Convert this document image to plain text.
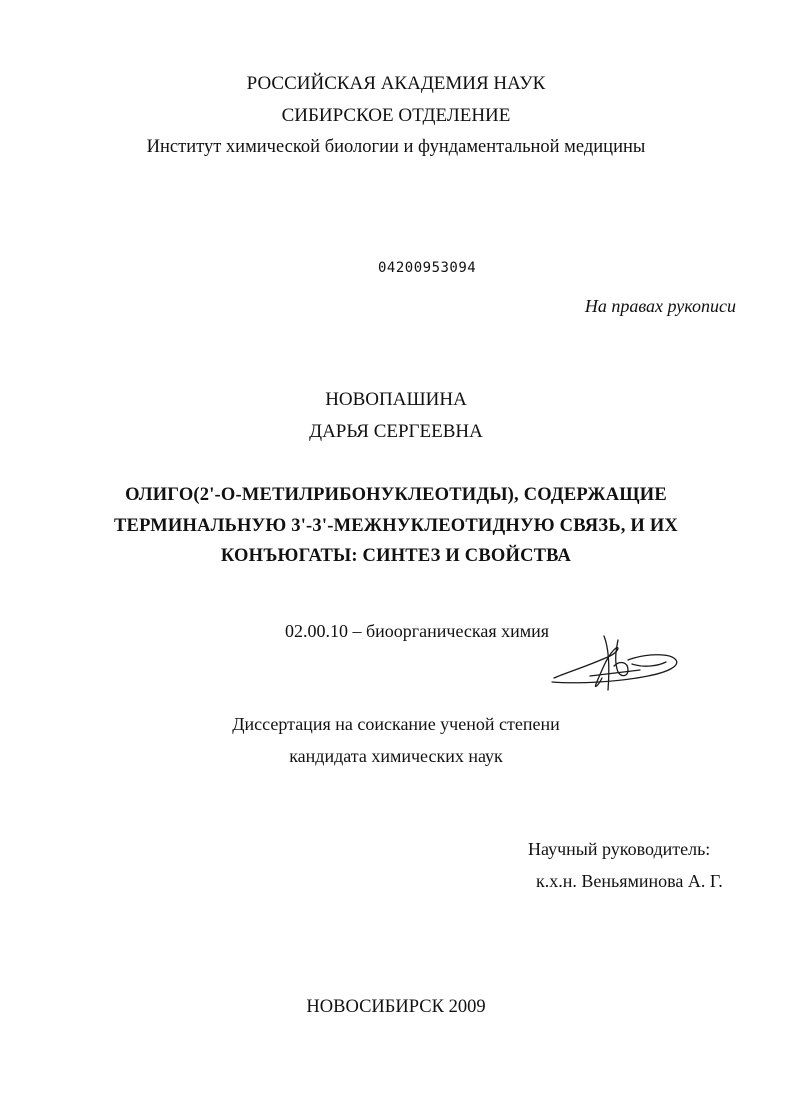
РОССИЙСКАЯ АКАДЕМИЯ НАУК
СИБИРСКОЕ ОТДЕЛЕНИЕ
Институт химической биологии и фундаментальной медицины
04200953094
На правах рукописи
НОВОПАШИНА
ДАРЬЯ СЕРГЕЕВНА
ОЛИГО(2'-О-МЕТИЛРИБОНУКЛЕОТИДЫ), СОДЕРЖАЩИЕ
ТЕРМИНАЛЬНУЮ 3'-3'-МЕЖНУКЛЕОТИДНУЮ СВЯЗЬ, И ИХ
КОНЪЮГАТЫ: СИНТЕЗ И СВОЙСТВА
02.00.10 – биоорганическая химия
Диссертация на соискание ученой степени
кандидата химических наук
Научный руководитель:
к.х.н. Веньяминова А. Г.
НОВОСИБИРСК 2009
